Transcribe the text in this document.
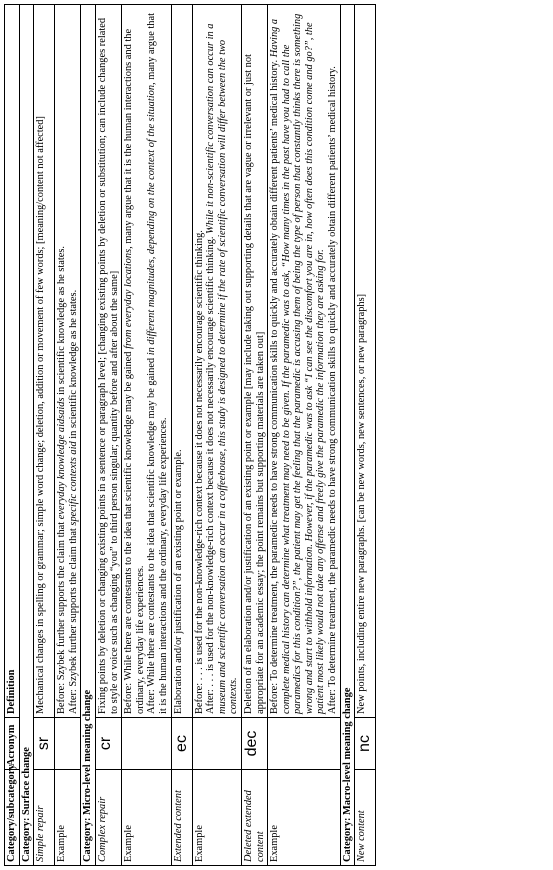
Category/subcategory	Acronym	Definition
Category: Surface change		
Simple repair	sr	Mechanical changes in spelling or grammar; simple word change; deletion, addition or movement of few words; [meaning/content not affected]
Example		Before: Szybek further supports the claim that everyday knowledge aidsaids in scientific knowledge as he states.
After: Szybek further supports the claim that specific contexts aid in scientific knowledge as he states.
Category: Micro-level meaning change		
Complex repair	cr	Fixing points by deletion or changing existing points in a sentence or paragraph level; [changing existing points by deletion or substitution; can include changes related to style or voice such as changing “you” to third person singular; quantity before and after about the same]
Example		Before: While there are contestants to the idea that scientific knowledge may be gained from everyday locations, many argue that it is the human interactions and the ordinary, everyday life experiences.
After: While there are contestants to the idea that scientific knowledge may be gained in different magnitudes, depending on the context of the situation, many argue that it is the human interactions and the ordinary, everyday life experiences.
Extended content	ec	Elaboration and/or justification of an existing point or example.
Example		Before: . . . is used for the non-knowledge-rich context because it does not necessarily encourage scientific thinking.
After: . . . is used for the non-knowledge-rich context because it does not necessarily encourage scientific thinking. While it non-scientific conversation can occur in a museum and scientific conversation can occur in a coffeehouse, this study is designed to determine if the rate of scientific conversation will differ between the two contexts.
Deleted extended content	dec	Deletion of an elaboration and/or justification of an existing point or example [may include taking out supporting details that are vague or irrelevant or just not appropriate for an academic essay; the point remains but supporting materials are taken out]
Example		Before: To determine treatment, the paramedic needs to have strong communication skills to quickly and accurately obtain different patients’ medical history. Having a complete medical history can determine what treatment may need to be given. If the paramedic was to ask, “How many times in the past have you had to call the paramedics for this condition?”, the patient may get the feeling that the paramedic is accusing them of being the type of person that constantly thinks there is something wrong and start to withhold information. However, if the paramedic was to ask “I can see the discomfort you are in, how often does this condition come and go?”, the patient most likely would not take any offense and freely give the paramedic the information they are asking for.
After: To determine treatment, the paramedic needs to have strong communication skills to quickly and accurately obtain different patients’ medical history.
Category: Macro-level meaning change		
New content	nc	New points, including entire new paragraphs. [can be new words, new sentences, or new paragraphs]
